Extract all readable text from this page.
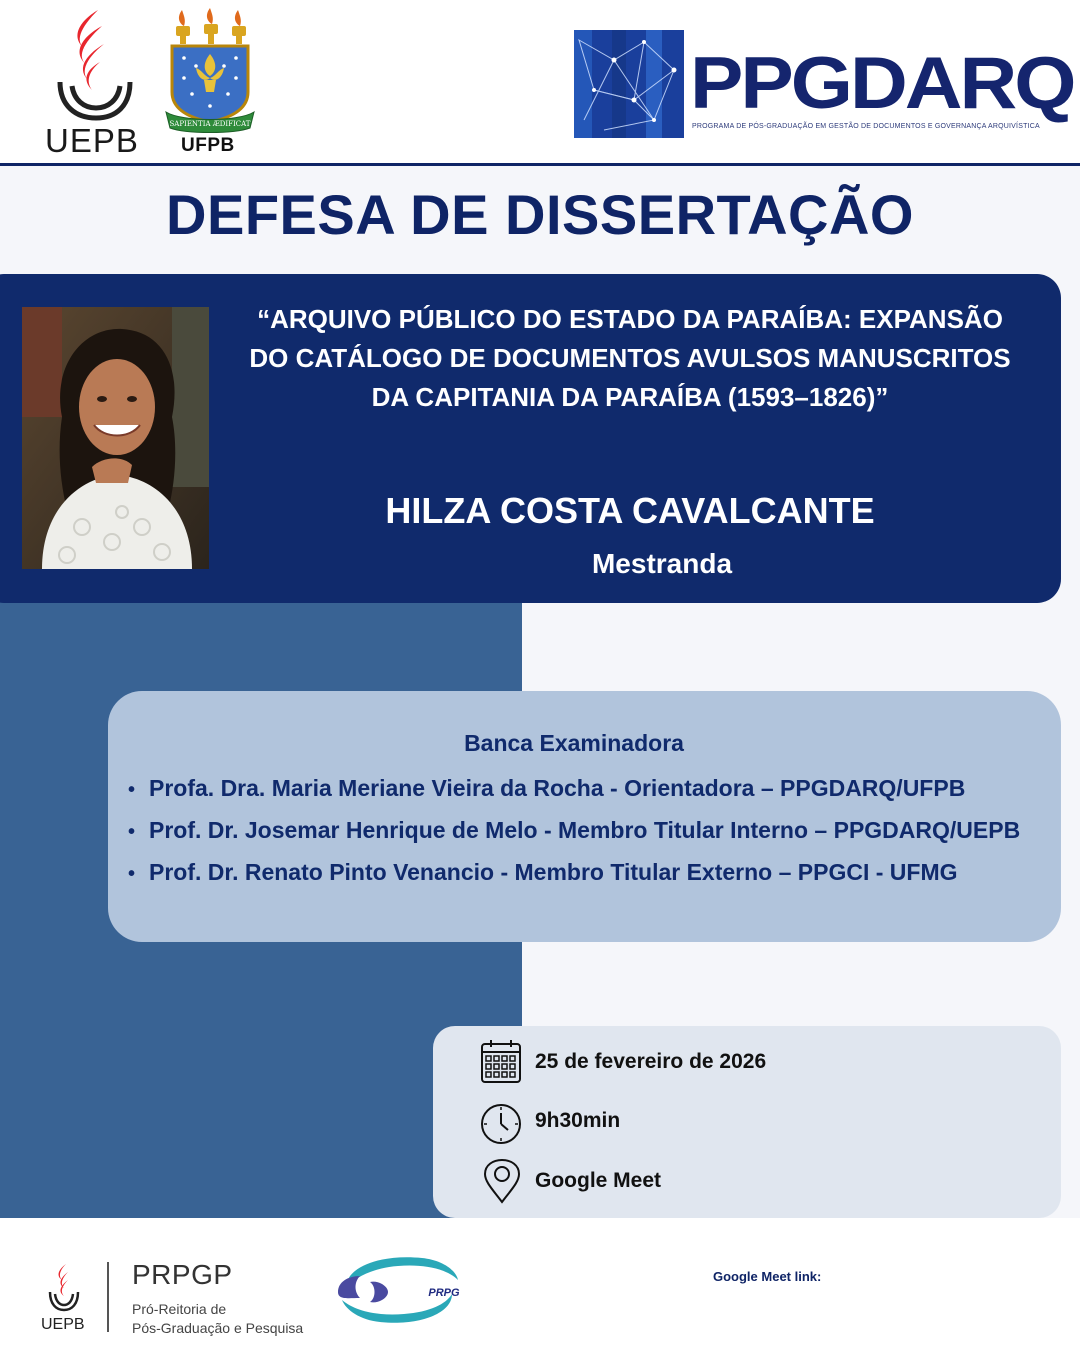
UEPB	SAPIENTIA ÆDIFICAT
UFPB
PPGDARQ
PROGRAMA DE PÓS-GRADUAÇÃO EM GESTÃO DE DOCUMENTOS E GOVERNANÇA ARQUIVÍSTICA
DEFESA DE DISSERTAÇÃO
“ARQUIVO PÚBLICO DO ESTADO DA PARAÍBA: EXPANSÃO DO CATÁLOGO DE DOCUMENTOS AVULSOS MANUSCRITOS DA CAPITANIA DA PARAÍBA (1593–1826)”
HILZA COSTA CAVALCANTE
Mestranda
Banca Examinadora
• Profa. Dra. Maria Meriane Vieira da Rocha - Orientadora – PPGDARQ/UFPB
• Prof. Dr. Josemar Henrique de Melo - Membro Titular Interno – PPGDARQ/UEPB
• Prof. Dr. Renato Pinto Venancio - Membro Titular Externo – PPGCI - UFMG
25 de fevereiro de 2026
9h30min
Google Meet
UEPB
PRPGP
Pró-Reitoria de
Pós-Graduação e Pesquisa
PRPG
Google Meet link:
